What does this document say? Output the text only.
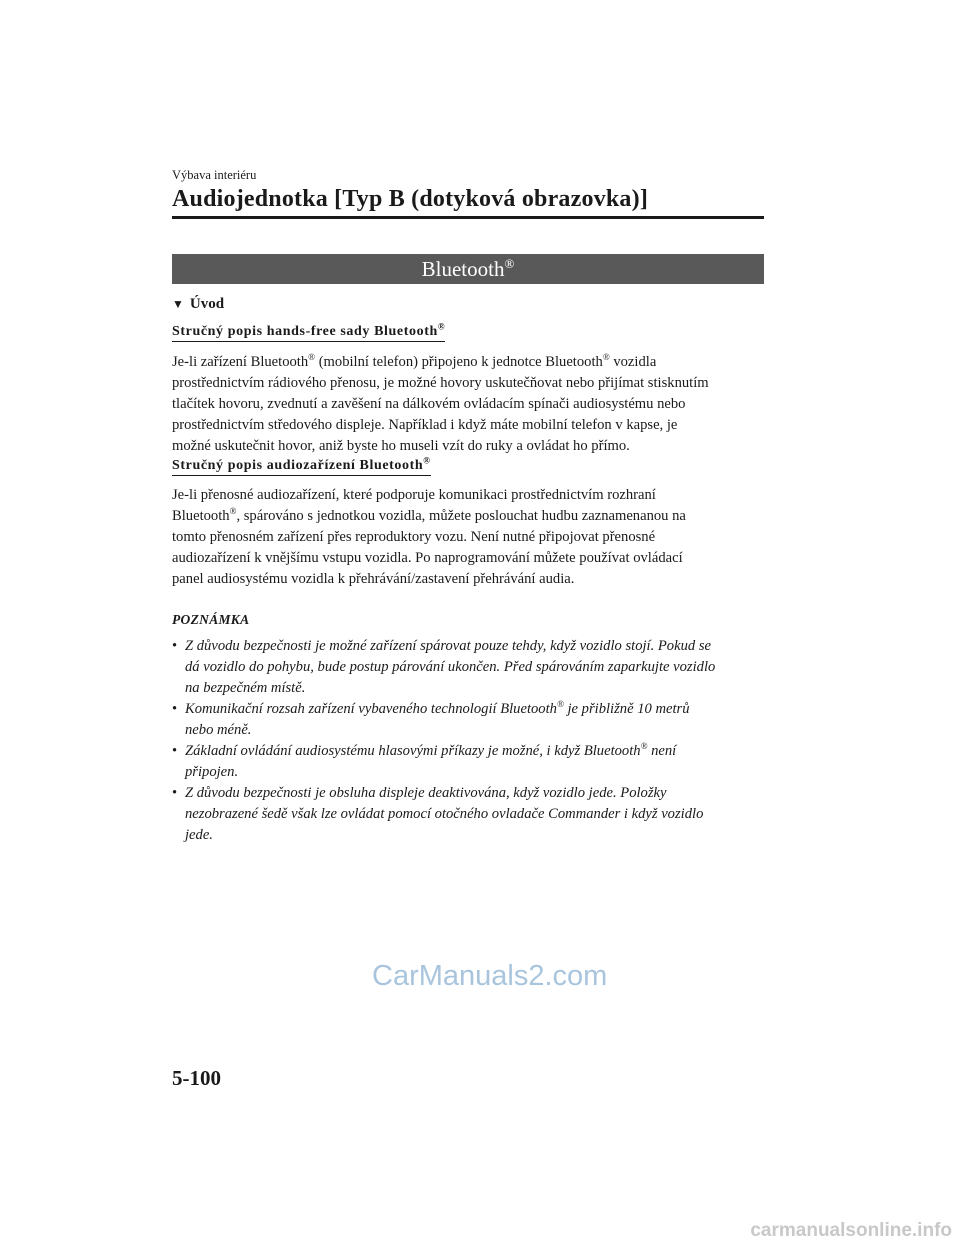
Výbava interiéru
Audiojednotka [Typ B (dotyková obrazovka)]
Bluetooth®
▼ Úvod
Stručný popis hands-free sady Bluetooth®
Je-li zařízení Bluetooth® (mobilní telefon) připojeno k jednotce Bluetooth® vozidla
prostřednictvím rádiového přenosu, je možné hovory uskutečňovat nebo přijímat stisknutím
tlačítek hovoru, zvednutí a zavěšení na dálkovém ovládacím spínači audiosystému nebo
prostřednictvím středového displeje. Například i když máte mobilní telefon v kapse, je
možné uskutečnit hovor, aniž byste ho museli vzít do ruky a ovládat ho přímo.
Stručný popis audiozařízení Bluetooth®
Je-li přenosné audiozařízení, které podporuje komunikaci prostřednictvím rozhraní
Bluetooth®, spárováno s jednotkou vozidla, můžete poslouchat hudbu zaznamenanou na
tomto přenosném zařízení přes reproduktory vozu. Není nutné připojovat přenosné
audiozařízení k vnějšímu vstupu vozidla. Po naprogramování můžete používat ovládací
panel audiosystému vozidla k přehrávání/zastavení přehrávání audia.
POZNÁMKA
• Z důvodu bezpečnosti je možné zařízení spárovat pouze tehdy, když vozidlo stojí. Pokud se
dá vozidlo do pohybu, bude postup párování ukončen. Před spárováním zaparkujte vozidlo
na bezpečném místě.
• Komunikační rozsah zařízení vybaveného technologií Bluetooth® je přibližně 10 metrů
nebo méně.
• Základní ovládání audiosystému hlasovými příkazy je možné, i když Bluetooth® není
připojen.
• Z důvodu bezpečnosti je obsluha displeje deaktivována, když vozidlo jede. Položky
nezobrazené šedě však lze ovládat pomocí otočného ovladače Commander i když vozidlo
jede.
CarManuals2.com
5-100
carmanualsonline.info
